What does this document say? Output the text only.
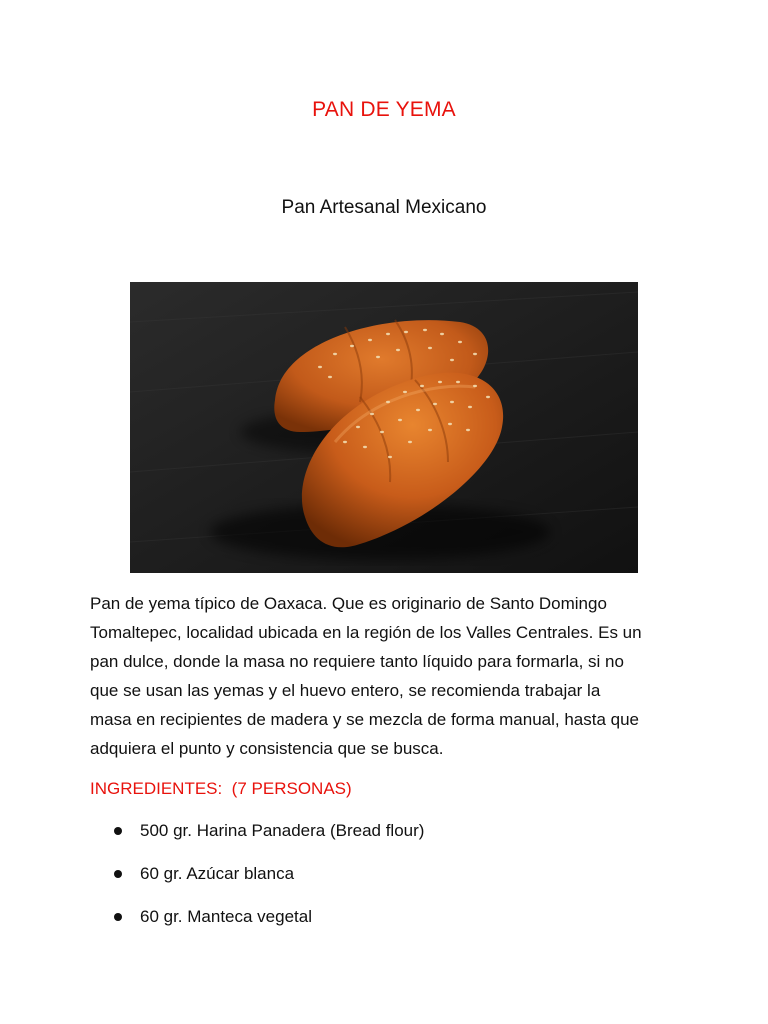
PAN DE YEMA
Pan Artesanal Mexicano

Pan de yema típico de Oaxaca. Que es originario de Santo Domingo
Tomaltepec, localidad ubicada en la región de los Valles Centrales. Es un
pan dulce, donde la masa no requiere tanto líquido para formarla, si no
que se usan las yemas y el huevo entero, se recomienda trabajar la
masa en recipientes de madera y se mezcla de forma manual, hasta que
adquiera el punto y consistencia que se busca.

INGREDIENTES:  (7 PERSONAS)
500 gr. Harina Panadera (Bread flour)
60 gr. Azúcar blanca
60 gr. Manteca vegetal
